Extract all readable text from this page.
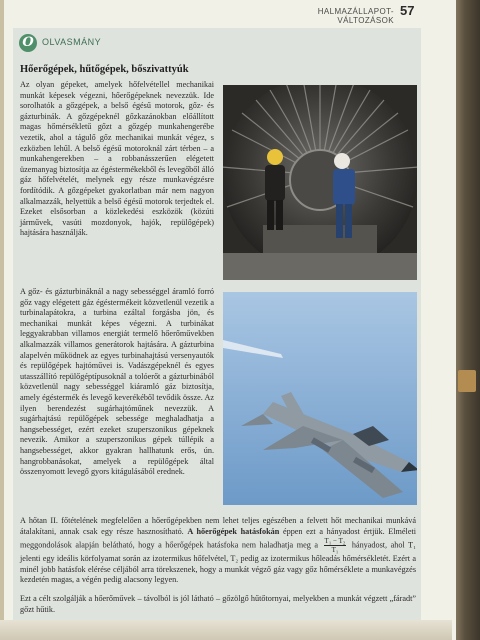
HALMAZÁLLAPOT-VÁLTOZÁSOK
57
O OLVASMÁNY
Hőerőgépek, hűtőgépek, bőszivattyúk

Az olyan gépeket, amelyek hőfelvétellel mechanikai munkát képesek végezni, hőerőgépeknek nevezzük. Ide sorolhatók a gőzgépek, a belső égésű motorok, gőz- és gázturbinák. A gőzgépeknél gőzkazánokban előállított magas hőmérsékletű gőzt a gőzgép munkahengerébe vezetik, ahol a tágulő gőz mechanikai munkát végez, s ezközben lehűl. A belső égésű motoroknál zárt térben – a munkahengerekben – a robbanásszerűen elégetett üzemanyag biztosítja az égéstermékekből és levegőből álló gáz hőfelvételét, melynek egy része munkavégzésre fordítódik. A gőzgépeket gyakorlatban már nem nagyon alkalmazzák, helyettük a belső égésű motorok terjedtek el. Ezeket elsősorban a közlekedési eszközök (közúti járművek, vasúti mozdonyok, hajók, repülőgépek) hajtására használják.

A gőz- és gázturbináknál a nagy sebességgel áramló forró gőz vagy elégetett gáz égéstermékeit közvetlenül vezetik a turbinalapátokra, a turbina ezáltal forgásba jön, és mechanikai munkát képes végezni. A turbinákat leggyakrabban villamos energiát termelő hőerőművekben alkalmazzák villamos generátorok hajtására. A gázturbina alapelvén működnek az egyes turbinahajtású versenyautók és repülőgépek hajtóművei is. Vadászgépeknél és egyes utasszállító repülőgéptípusoknál a tolóerőt a gázturbinából közvetlenül nagy sebességgel kiáramló gáz biztosítja, amely égéstermék és levegő keverékéből tevődik össze. Az ilyen berendezést sugárhajtóműnek nevezzük. A sugárhajtású repülőgépek sebessége meghaladhatja a hangsebességet, ezért ezeket szuperszonikus gépeknek nevezik. Amikor a szuperszonikus gépek túllépik a hangsebességet, akkor gyakran hallhatunk erős, ún. hangrobbanásokat, amelyek a repülőgépek által összenyomott levegő gyors kitágulásából erednek.

A hőtan II. főtételének megfelelően a hőerőgépekben nem lehet teljes egészében a felvett hőt mechanikai munkává átalakítani, annak csak egy része hasznosítható. A hőerőgépek hatásfokán éppen ezt a hányadost értjük. Elméleti meggondolások alapján belátható, hogy a hőerőgépek hatásfoka nem haladhatja meg a $\frac{\text{T₁ − T₂}}{\text{T₁}}$ hányadost, ahol T₁ jelenti egy ideális körfolyamat során az izotermikus hőfelvétel, T₂ pedig az izotermikus hőleadás hőmérsékletét. Ezért a minél jobb hatásfok elérése céljából arra törekszenek, hogy a munkát végző gáz vagy gőz hőmérséklete a munkavégzés kezdetén magas, a végén pedig alacsony legyen.
Ezt a célt szolgálják a hőerőművek – távolból is jól látható – gőzölgő hűtőtornyai, melyekben a munkát végzett „fáradt” gőzt hűtik.
